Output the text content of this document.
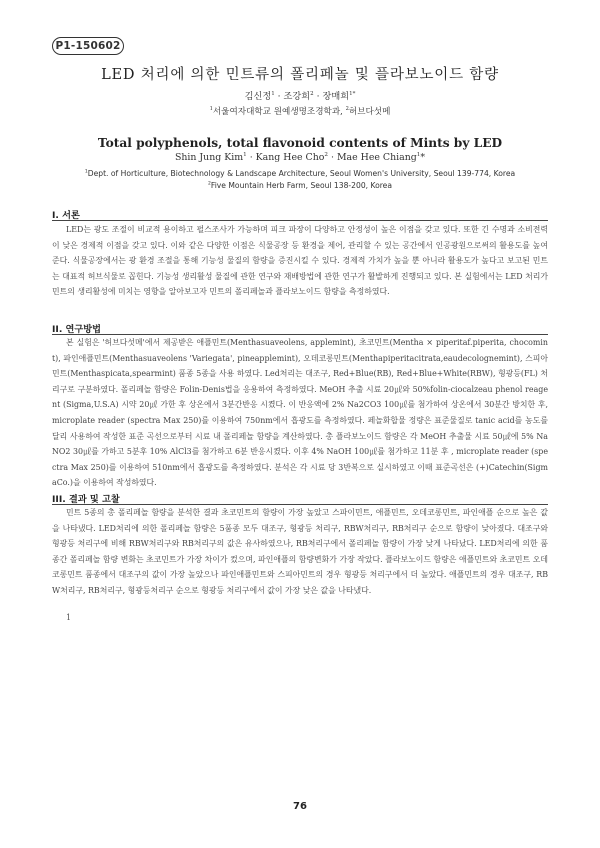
P1-150602
LED 처리에 의한 민트류의 폴리페놀 및 플라보노이드 함량
김신정$^1$ · 조강희$^2$ · 장매희$^{1*}$
$^1$서울여자대학교 원예생명조경학과, $^2$허브다섯메
Total polyphenols, total flavonoid contents of Mints by LED
Shin Jung Kim$^1$ · Kang Hee Cho$^2$ · Mae Hee Chiang$^1$*
$^1$Dept. of Horticulture, Biotechnology & Landscape Architecture, Seoul Women's University, Seoul 139-774, Korea
$^2$Five Mountain Herb Farm, Seoul 138-200, Korea
I. 서론
LED는 광도 조절이 비교적 용이하고 펄스조사가 가능하며 피크 파장이 다양하고 안정성이 높은 이점을 갖고 있다. 또한 긴 수명과 소비전력이 낮은 경제적 이점을 갖고 있다. 이와 같은 다양한 이점은 식물공장 등 환경을 제어, 관리할 수 있는 공간에서 인공광원으로써의 활용도를 높여준다. 식물공장에서는 광 환경 조절을 통해 기능성 물질의 함량을 증진시킬 수 있다. 경제적 가치가 높을 뿐 아니라 활용도가 높다고 보고된 민트는 대표적 허브식물로 꼽힌다. 기능성 생리활성 물질에 관한 연구와 재배방법에 관한 연구가 활발하게 진행되고 있다. 본 실험에서는 LED 처리가 민트의 생리활성에 미치는 영향을 알아보고자 민트의 폴리페놀과 플라보노이드 함량을 측정하였다.
II. 연구방법
본 실험은 '허브다섯메'에서 제공받은 애플민트(Menthasuaveolens, applemint), 초코민트(Mentha × piperitaf.piperita, chocomint), 파인애플민트(Menthasuaveolens 'Variegata', pineapplemint), 오데코롱민트(Menthapiperitacitrata,eaudecolognemint), 스피아민트(Menthaspicata,spearmint) 품종 5종을 사용 하였다. Led처리는 대조구, Red+Blue(RB), Red+Blue+White(RBW), 형광등(FL) 처리구로 구분하였다. 폴리페놀 함량은 Folin-Denis법을 응용하여 측정하였다. MeOH 추출 시료 20㎕와 50%folin-ciocalzeau phenol reagent (Sigma,U.S.A) 시약 20㎕ 가한 후 상온에서 3분간반응 시켰다. 이 반응액에 2% Na2CO3 100㎕를 첨가하여 상온에서 30분간 방치한 후, microplate reader (spectra Max 250)를 이용하여 750nm에서 흡광도를 측정하였다. 페놀화합물 정량은 표준물질로 tanic acid를 농도를 달리 사용하여 작성한 표준 곡선으로부터 시료 내 폴리페놀 함량을 계산하였다. 총 플라보노이드 함량은 각 MeOH 추출물 시료 50㎕에 5% NaNO2 30㎕를 가하고 5분후 10% AlCl3를 첨가하고 6분 반응시켰다. 이후 4% NaOH 100㎕를 첨가하고 11분 후 , microplate reader (spectra Max 250)를 이용하여 510nm에서 흡광도를 측정하였다. 분석은 각 시료 당 3반복으로 실시하였고 이때 표준곡선은 (+)Catechin(SigmaCo.)을 이용하여 작성하였다.
III. 결과 및 고찰
민트 5종의 총 폴리페놀 함량을 분석한 결과 초코민트의 함량이 가장 높았고 스파이민트, 애플민트, 오데코롱민트, 파인애플 순으로 높은 값을 나타냈다. LED처리에 의한 폴리페놀 함량은 5품종 모두 대조구, 형광등 처리구, RBW처리구, RB처리구 순으로 함량이 낮아졌다. 대조구와 형광등 처리구에 비해 RBW처리구와 RB처리구의 값은 유사하였으나, RB처리구에서 폴리페놀 함량이 가장 낮게 나타났다. LED처리에 의한 품종간 폴리페놀 함량 변화는 초코민트가 가장 차이가 컸으며, 파인애플의 함량변화가 가장 작았다. 플라보노이드 함량은 애플민트와 초코민트 오데코롱민트 품종에서 대조구의 값이 가장 높았으나 파인애플민트와 스피아민트의 경우 형광등 처리구에서 더 높았다. 애플민트의 경우 대조구, RBW처리구, RB처리구, 형광등처리구 순으로 형광등 처리구에서 값이 가장 낮은 값을 나타냈다.
1
76
